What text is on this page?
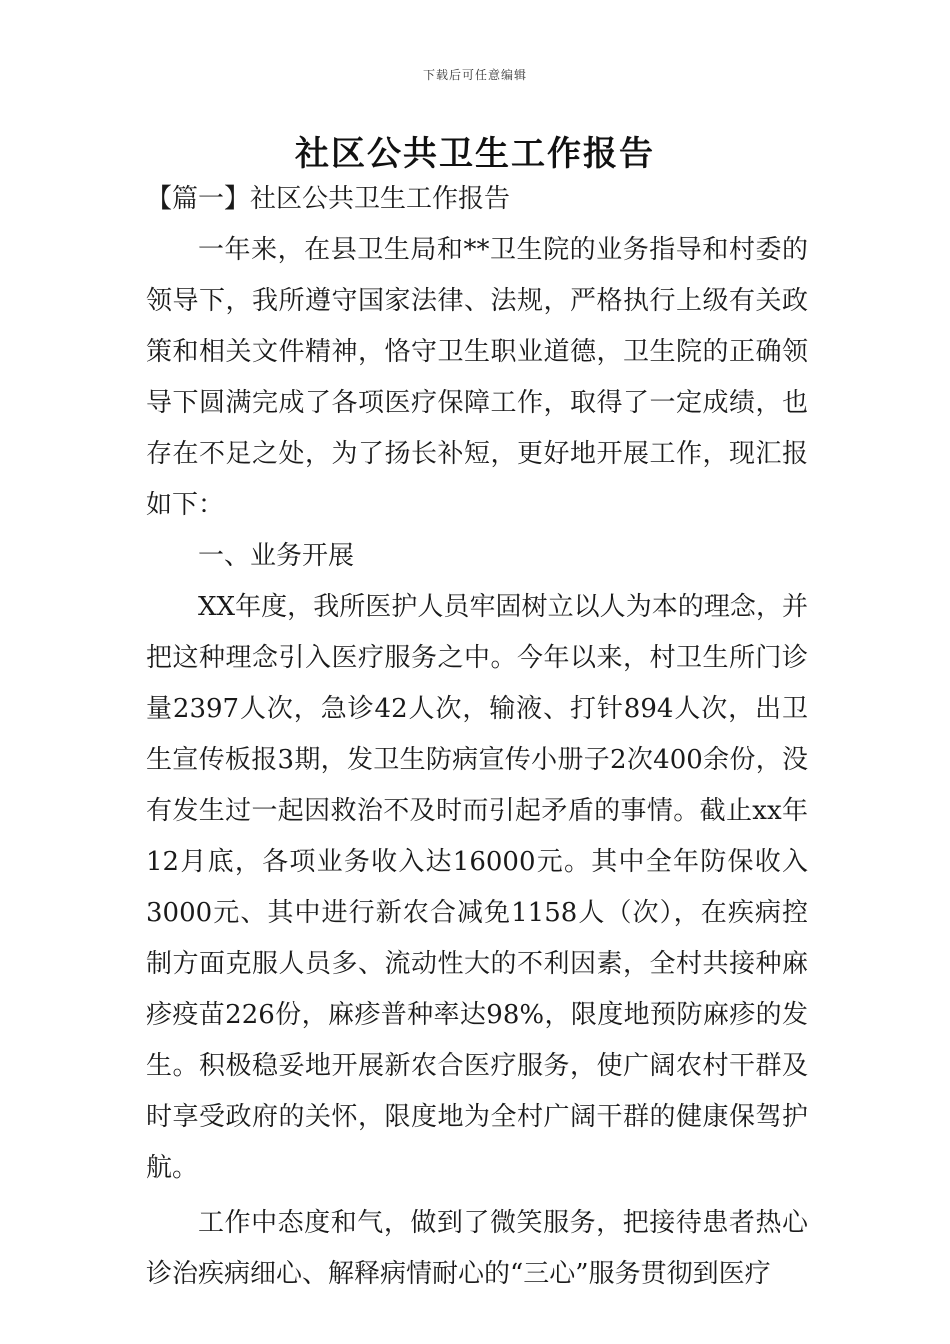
下载后可任意编辑
社区公共卫生工作报告

【篇一】社区公共卫生工作报告

一年来，在县卫生局和**卫生院的业务指导和村委的领导下，我所遵守国家法律、法规，严格执行上级有关政策和相关文件精神，恪守卫生职业道德，卫生院的正确领导下圆满完成了各项医疗保障工作，取得了一定成绩，也存在不足之处，为了扬长补短，更好地开展工作，现汇报如下：

一、业务开展

XX年度，我所医护人员牢固树立以人为本的理念，并把这种理念引入医疗服务之中。今年以来，村卫生所门诊量2397人次，急诊42人次，输液、打针894人次，出卫生宣传板报3期，发卫生防病宣传小册子2次400余份，没有发生过一起因救治不及时而引起矛盾的事情。截止xx年12月底，各项业务收入达16000元。其中全年防保收入3000元、其中进行新农合减免1158人（次），在疾病控制方面克服人员多、流动性大的不利因素，全村共接种麻疹疫苗226份，麻疹普种率达98%，限度地预防麻疹的发生。积极稳妥地开展新农合医疗服务，使广阔农村干群及时享受政府的关怀，限度地为全村广阔干群的健康保驾护航。

工作中态度和气，做到了微笑服务，把接待患者热心诊治疾病细心、解释病情耐心的“三心”服务贯彻到医疗
